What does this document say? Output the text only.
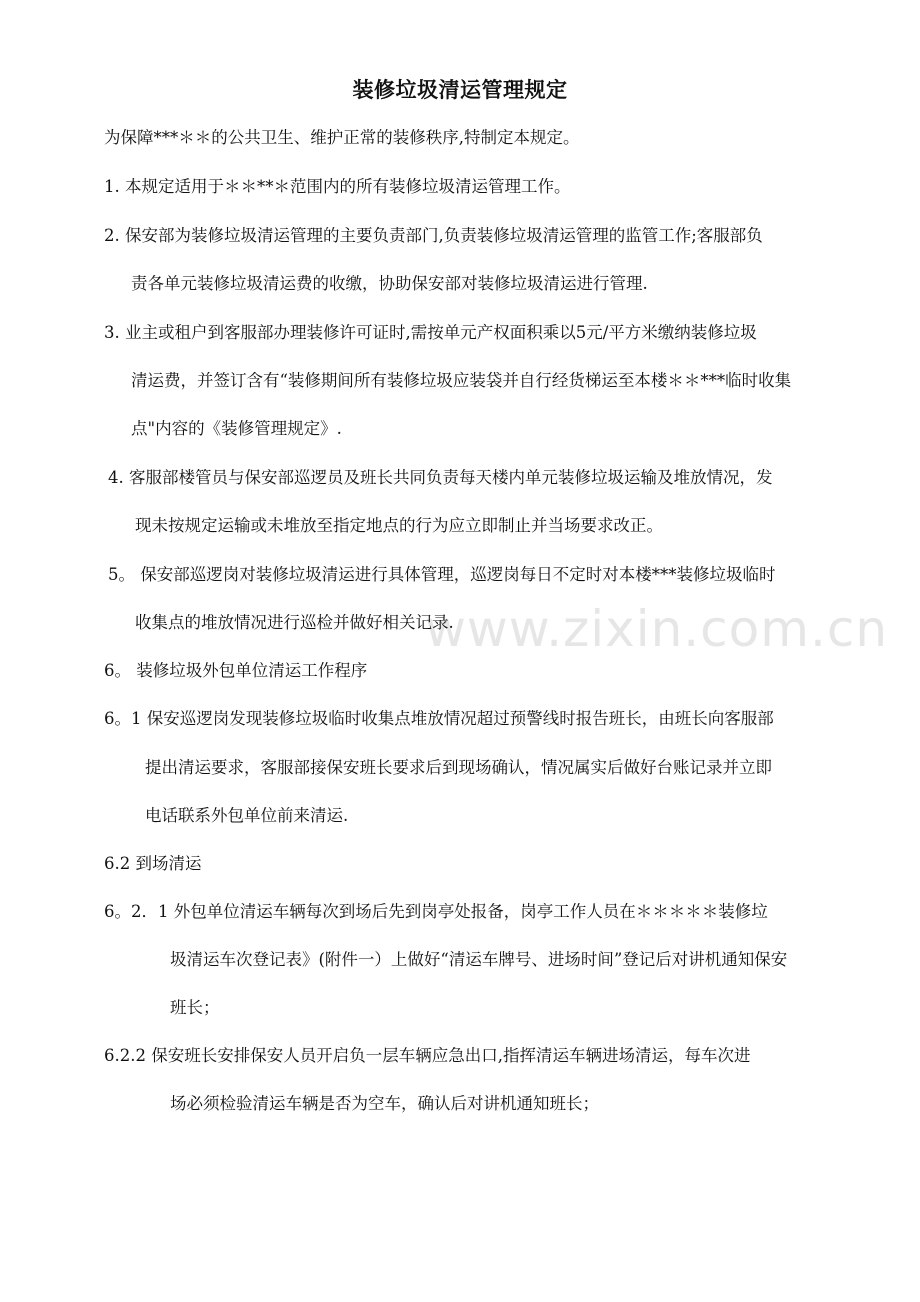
www.zixin.com.cn
装修垃圾清运管理规定
为保障***＊＊的公共卫生、维护正常的装修秩序,特制定本规定。
1. 本规定适用于＊＊**＊范围内的所有装修垃圾清运管理工作。
2. 保安部为装修垃圾清运管理的主要负责部门,负责装修垃圾清运管理的监管工作;客服部负
责各单元装修垃圾清运费的收缴，协助保安部对装修垃圾清运进行管理.
3. 业主或租户到客服部办理装修许可证时,需按单元产权面积乘以5元/平方米缴纳装修垃圾
清运费，并签订含有“装修期间所有装修垃圾应装袋并自行经货梯运至本楼＊＊***临时收集
点"内容的《装修管理规定》.
4. 客服部楼管员与保安部巡逻员及班长共同负责每天楼内单元装修垃圾运输及堆放情况，发
现未按规定运输或未堆放至指定地点的行为应立即制止并当场要求改正。
5。 保安部巡逻岗对装修垃圾清运进行具体管理，巡逻岗每日不定时对本楼***装修垃圾临时
收集点的堆放情况进行巡检并做好相关记录.
6。 装修垃圾外包单位清运工作程序
6。1 保安巡逻岗发现装修垃圾临时收集点堆放情况超过预警线时报告班长，由班长向客服部
提出清运要求，客服部接保安班长要求后到现场确认，情况属实后做好台账记录并立即
电话联系外包单位前来清运.
6.2 到场清运
6。2．1 外包单位清运车辆每次到场后先到岗亭处报备，岗亭工作人员在＊＊＊＊＊装修垃
圾清运车次登记表》(附件一）上做好“清运车牌号、进场时间”登记后对讲机通知保安
班长；
6.2.2 保安班长安排保安人员开启负一层车辆应急出口,指挥清运车辆进场清运，每车次进
场必须检验清运车辆是否为空车，确认后对讲机通知班长；
